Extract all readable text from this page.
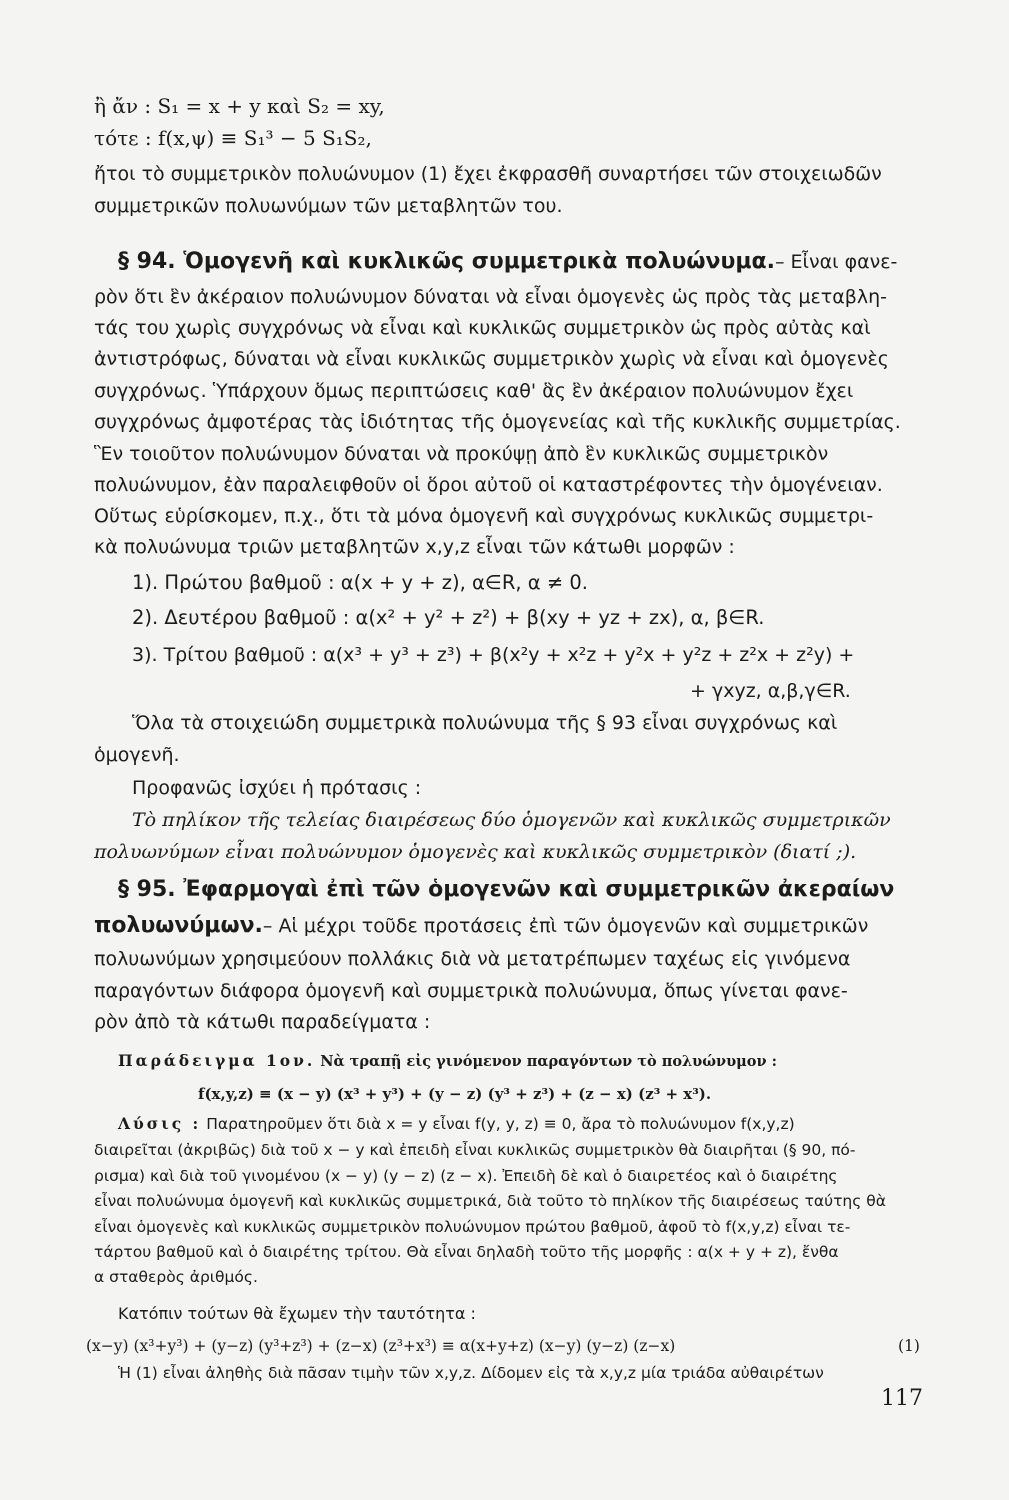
ἢ ἄν : S₁ = x + y καὶ S₂ = xy,
τότε : f(x,ψ) ≡ S₁³ − 5 S₁S₂,
ἤτοι τὸ συμμετρικὸν πολυώνυμον (1) ἔχει ἐκφρασθῆ συναρτήσει τῶν στοιχειωδῶν
συμμετρικῶν πολυωνύμων τῶν μεταβλητῶν του.
§ 94. Ὁμογενῆ καὶ κυκλικῶς συμμετρικὰ πολυώνυμα.– Εἶναι φανε-
ρὸν ὅτι ἓν ἀκέραιον πολυώνυμον δύναται νὰ εἶναι ὁμογενὲς ὡς πρὸς τὰς μεταβλη-
τάς του χωρὶς συγχρόνως νὰ εἶναι καὶ κυκλικῶς συμμετρικὸν ὡς πρὸς αὐτὰς καὶ
ἀντιστρόφως, δύναται νὰ εἶναι κυκλικῶς συμμετρικὸν χωρὶς νὰ εἶναι καὶ ὁμογενὲς
συγχρόνως. Ὑπάρχουν ὅμως περιπτώσεις καθ' ἃς ἓν ἀκέραιον πολυώνυμον ἔχει
συγχρόνως ἀμφοτέρας τὰς ἰδιότητας τῆς ὁμογενείας καὶ τῆς κυκλικῆς συμμετρίας.
Ἓν τοιοῦτον πολυώνυμον δύναται νὰ προκύψῃ ἀπὸ ἓν κυκλικῶς συμμετρικὸν
πολυώνυμον, ἐὰν παραλειφθοῦν οἱ ὅροι αὐτοῦ οἱ καταστρέφοντες τὴν ὁμογένειαν.
Οὕτως εὑρίσκομεν, π.χ., ὅτι τὰ μόνα ὁμογενῆ καὶ συγχρόνως κυκλικῶς συμμετρι-
κὰ πολυώνυμα τριῶν μεταβλητῶν x,y,z εἶναι τῶν κάτωθι μορφῶν :
1). Πρώτου βαθμοῦ : α(x + y + z), α∈R, α ≠ 0.
2). Δευτέρου βαθμοῦ : α(x² + y² + z²) + β(xy + yz + zx), α, β∈R.
3). Τρίτου βαθμοῦ : α(x³ + y³ + z³) + β(x²y + x²z + y²x + y²z + z²x + z²y) +
+ γxyz, α,β,γ∈R.
Ὅλα τὰ στοιχειώδη συμμετρικὰ πολυώνυμα τῆς § 93 εἶναι συγχρόνως καὶ
ὁμογενῆ.
Προφανῶς ἰσχύει ἡ πρότασις :
Τὸ πηλίκον τῆς τελείας διαιρέσεως δύο ὁμογενῶν καὶ κυκλικῶς συμμετρικῶν
πολυωνύμων εἶναι πολυώνυμον ὁμογενὲς καὶ κυκλικῶς συμμετρικὸν (διατί ;).
§ 95. Ἐφαρμογαὶ ἐπὶ τῶν ὁμογενῶν καὶ συμμετρικῶν ἀκεραίων
πολυωνύμων.– Αἱ μέχρι τοῦδε προτάσεις ἐπὶ τῶν ὁμογενῶν καὶ συμμετρικῶν
πολυωνύμων χρησιμεύουν πολλάκις διὰ νὰ μετατρέπωμεν ταχέως εἰς γινόμενα
παραγόντων διάφορα ὁμογενῆ καὶ συμμετρικὰ πολυώνυμα, ὅπως γίνεται φανε-
ρὸν ἀπὸ τὰ κάτωθι παραδείγματα :
Παράδειγμα 1ον. Νὰ τραπῇ εἰς γινόμενον παραγόντων τὸ πολυώνυμον :
f(x,y,z) ≡ (x − y) (x³ + y³) + (y − z) (y³ + z³) + (z − x) (z³ + x³).
Λύσις : Παρατηροῦμεν ὅτι διὰ x = y εἶναι f(y, y, z) ≡ 0, ἄρα τὸ πολυώνυμον f(x,y,z)
διαιρεῖται (ἀκριβῶς) διὰ τοῦ x − y καὶ ἐπειδὴ εἶναι κυκλικῶς συμμετρικὸν θὰ διαιρῆται (§ 90, πό-
ρισμα) καὶ διὰ τοῦ γινομένου (x − y) (y − z) (z − x). Ἐπειδὴ δὲ καὶ ὁ διαιρετέος καὶ ὁ διαιρέτης
εἶναι πολυώνυμα ὁμογενῆ καὶ κυκλικῶς συμμετρικά, διὰ τοῦτο τὸ πηλίκον τῆς διαιρέσεως ταύτης θὰ
εἶναι ὁμογενὲς καὶ κυκλικῶς συμμετρικὸν πολυώνυμον πρώτου βαθμοῦ, ἀφοῦ τὸ f(x,y,z) εἶναι τε-
τάρτου βαθμοῦ καὶ ὁ διαιρέτης τρίτου. Θὰ εἶναι δηλαδὴ τοῦτο τῆς μορφῆς : α(x + y + z), ἔνθα
α σταθερὸς ἀριθμός.
Κατόπιν τούτων θὰ ἔχωμεν τὴν ταυτότητα :
(x−y) (x³+y³) + (y−z) (y³+z³) + (z−x) (z³+x³) ≡ α(x+y+z) (x−y) (y−z) (z−x)	(1)
Ἡ (1) εἶναι ἀληθὴς διὰ πᾶσαν τιμὴν τῶν x,y,z. Δίδομεν εἰς τὰ x,y,z μία τριάδα αὐθαιρέτων
117
